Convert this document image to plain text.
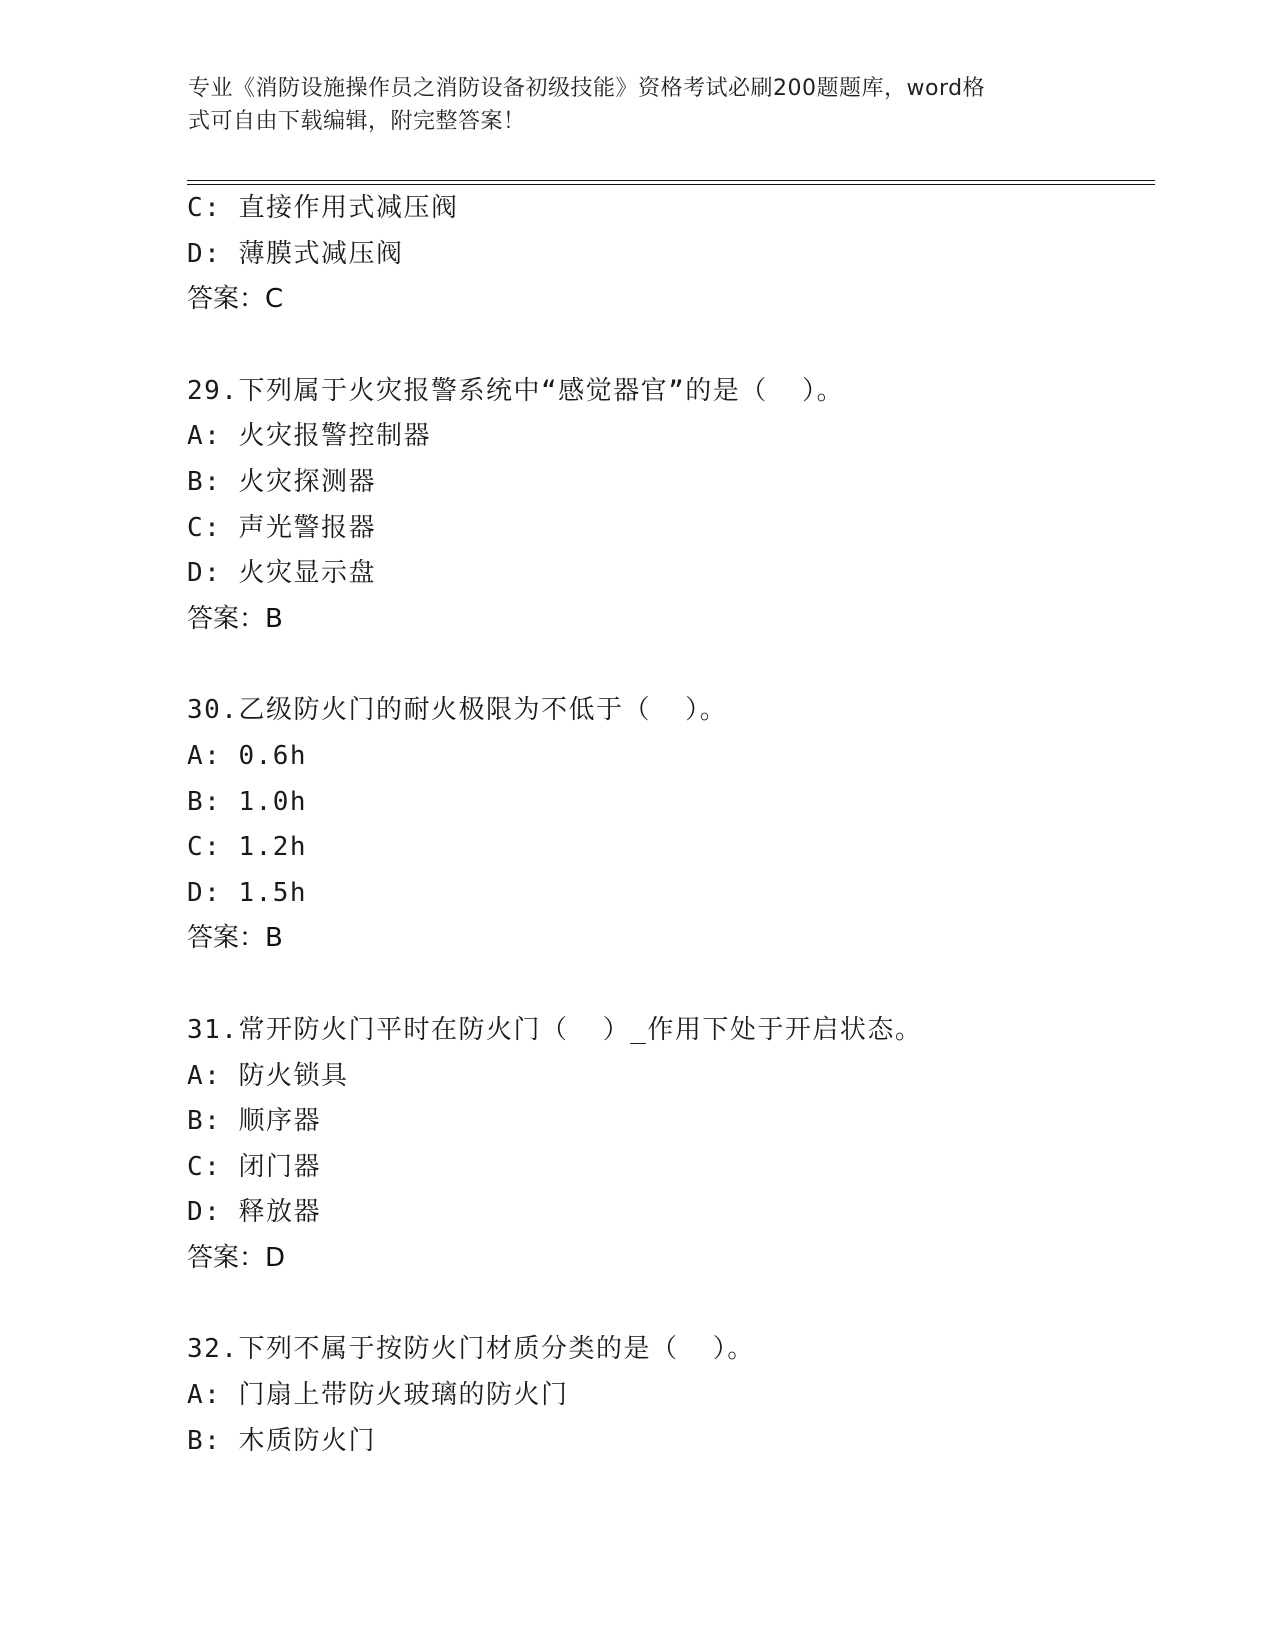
专业《消防设施操作员之消防设备初级技能》资格考试必刷200题题库，word格
式可自由下载编辑，附完整答案！
C: 直接作用式减压阀
D: 薄膜式减压阀
答案：C
29.下列属于火灾报警系统中“感觉器官”的是（  ）。
A: 火灾报警控制器
B: 火灾探测器
C: 声光警报器
D: 火灾显示盘
答案：B
30.乙级防火门的耐火极限为不低于（  ）。
A: 0.6h
B: 1.0h
C: 1.2h
D: 1.5h
答案：B
31.常开防火门平时在防火门（  ）_作用下处于开启状态。
A: 防火锁具
B: 顺序器
C: 闭门器
D: 释放器
答案：D
32.下列不属于按防火门材质分类的是（  ）。
A: 门扇上带防火玻璃的防火门
B: 木质防火门
